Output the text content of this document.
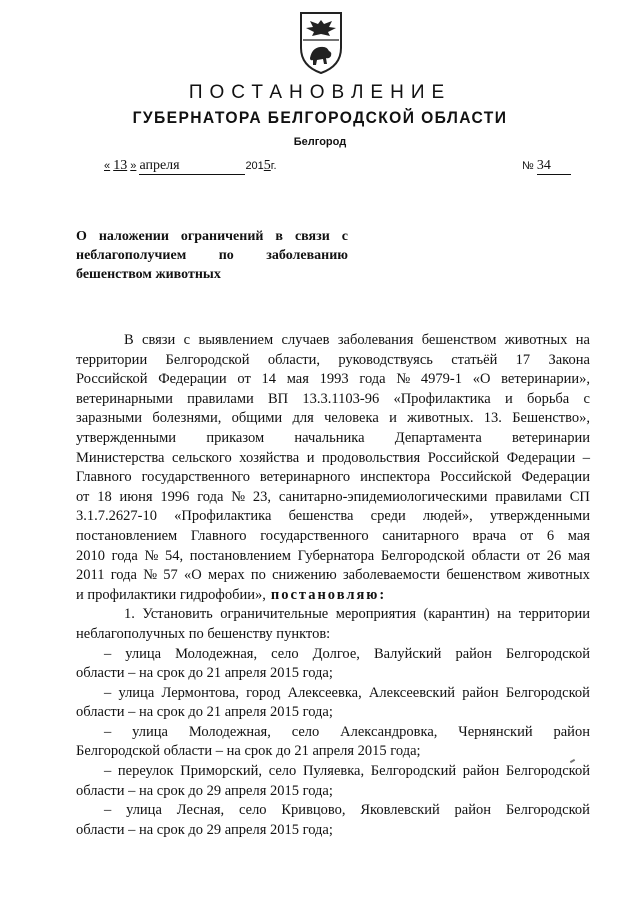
ПОСТАНОВЛЕНИЕ
ГУБЕРНАТОРА БЕЛГОРОДСКОЙ ОБЛАСТИ
Белгород
« 13 » апреля	2015г.	№ 34
О наложении ограничений в связи с
неблагополучием по заболеванию
бешенством животных
В связи с выявлением случаев заболевания бешенством животных на
территории Белгородской области, руководствуясь статьёй 17 Закона
Российской Федерации от 14 мая 1993 года № 4979-1 «О ветеринарии»,
ветеринарными правилами ВП 13.3.1103-96 «Профилактика и борьба с
заразными болезнями, общими для человека и животных. 13. Бешенство»,
утвержденными приказом начальника Департамента ветеринарии
Министерства сельского хозяйства и продовольствия Российской Федерации –
Главного государственного ветеринарного инспектора Российской Федерации
от 18 июня 1996 года № 23, санитарно-эпидемиологическими правилами СП
3.1.7.2627-10 «Профилактика бешенства среди людей», утвержденными
постановлением Главного государственного санитарного врача от 6 мая
2010 года № 54, постановлением Губернатора Белгородской области от 26 мая
2011 года № 57 «О мерах по снижению заболеваемости бешенством животных
и профилактики гидрофобии», постановляю:
1. Установить ограничительные мероприятия (карантин) на территории
неблагополучных по бешенству пунктов:
– улица Молодежная, село Долгое, Валуйский район Белгородской
области – на срок до 21 апреля 2015 года;
– улица Лермонтова, город Алексеевка, Алексеевский район Белгородской
области – на срок до 21 апреля 2015 года;
– улица Молодежная, село Александровка, Чернянский район
Белгородской области – на срок до 21 апреля 2015 года;
– переулок Приморский, село Пуляевка, Белгородский район Белгородской
области – на срок до 29 апреля 2015 года;
– улица Лесная, село Кривцово, Яковлевский район Белгородской
области – на срок до 29 апреля 2015 года;
